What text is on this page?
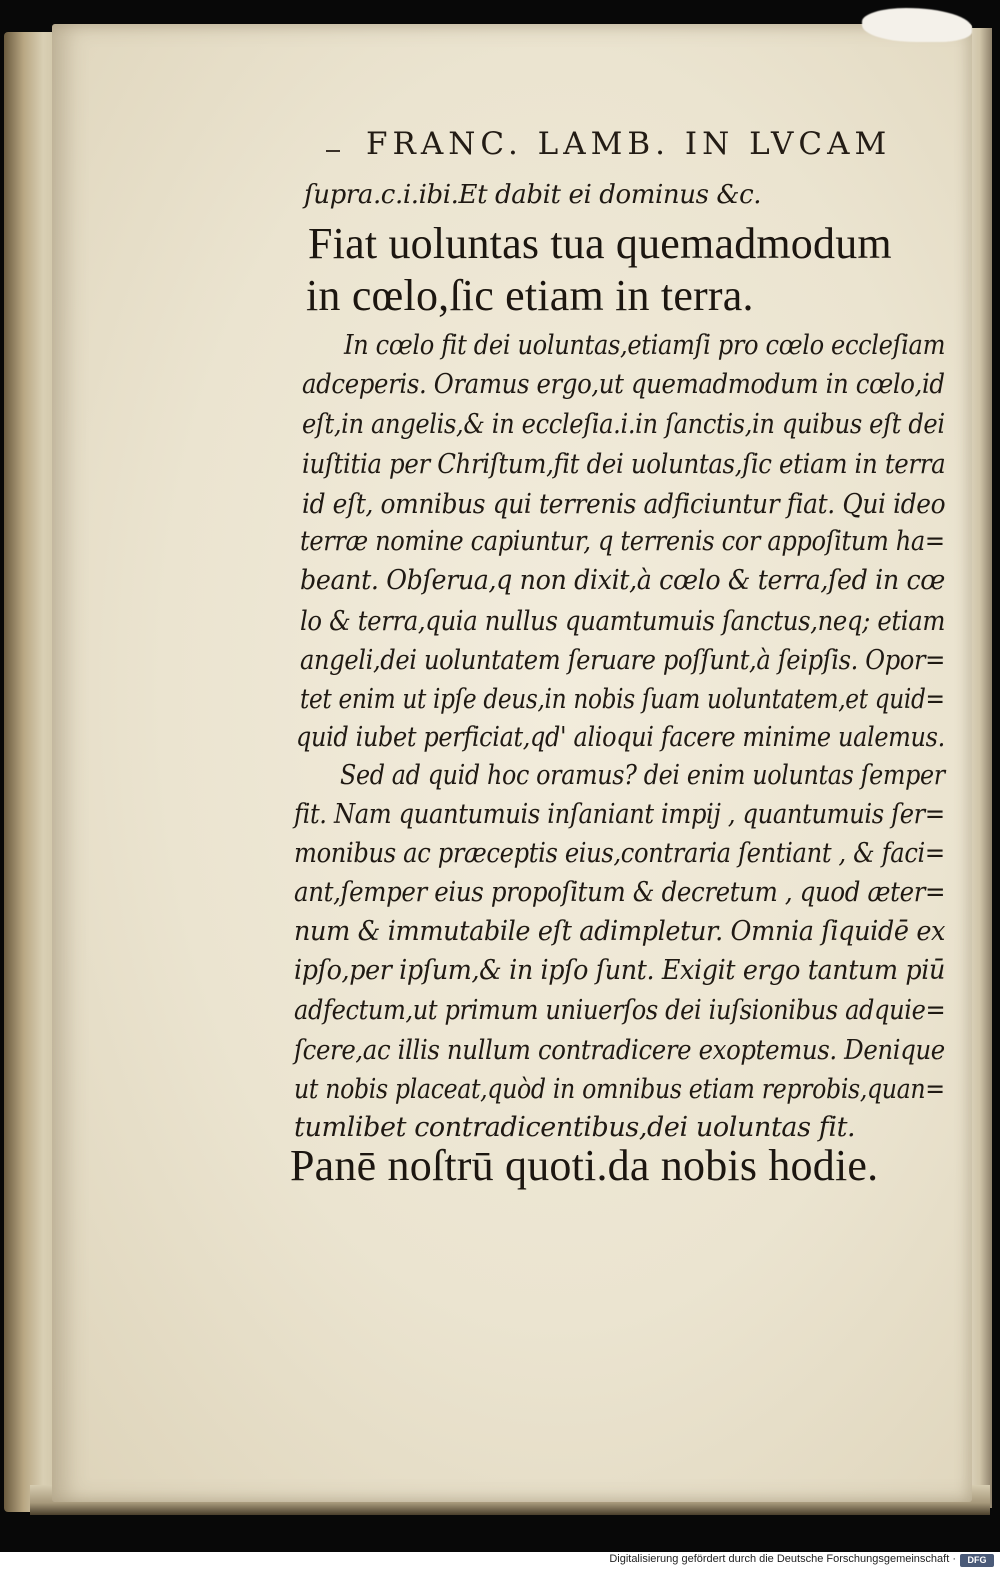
FRANC. LAMB. IN LVCAM
ſupra.c.i.ibi.Et dabit ei dominus &c.
Fiat uoluntas tua quemadmodum
in cœlo,ſic etiam in terra.
In cœlo fit dei uoluntas,etiamſi pro cœlo eccleſiam
adceperis. Oramus ergo,ut quemadmodum in cœlo,id
eſt,in angelis,& in eccleſia.i.in ſanctis,in quibus eſt dei
iuſtitia per Chriſtum,fit dei uoluntas,ſic etiam in terra
id eſt, omnibus qui terrenis adficiuntur fiat. Qui ideo
terræ nomine capiuntur, q terrenis cor appoſitum ha=
beant. Obſerua,q non dixit,à cœlo & terra,ſed in cœ
lo & terra,quia nullus quamtumuis ſanctus,neq; etiam
angeli,dei uoluntatem ſeruare poſſunt,à ſeipſis. Opor=
tet enim ut ipſe deus,in nobis ſuam uoluntatem,et quid=
quid iubet perficiat,qd' alioqui facere minime ualemus.
Sed ad quid hoc oramus? dei enim uoluntas ſemper
fit. Nam quantumuis inſaniant impij , quantumuis ſer=
monibus ac præceptis eius,contraria ſentiant , & faci=
ant,ſemper eius propoſitum & decretum , quod æter=
num & immutabile eſt adimpletur. Omnia ſiquidē ex
ipſo,per ipſum,& in ipſo ſunt. Exigit ergo tantum piū
adfectum,ut primum uniuerſos dei iuſsionibus adquie=
ſcere,ac illis nullum contradicere exoptemus. Denique
ut nobis placeat,quòd in omnibus etiam reprobis,quan=
tumlibet contradicentibus,dei uoluntas fit.
Panē noſtrū quoti.da nobis hodie.
Digitalisierung gefördert durch die Deutsche Forschungsgemeinschaft ·	DFG
